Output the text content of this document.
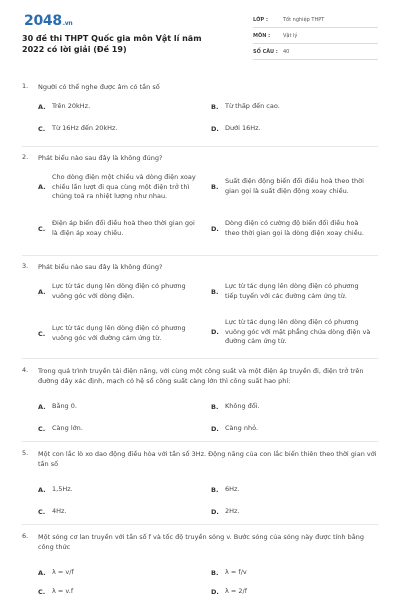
2048.vn
30 đề thi THPT Quốc gia môn Vật lí năm 2022 có lời giải (Đề 19)
LỚP :	Tốt nghiệp THPT
MÔN :	Vật lý
SỐ CÂU : 40
1. Người có thể nghe được âm có tần số
A. Trên 20kHz.	B.	Từ thấp đến cao.
C.	Từ 16Hz đến 20kHz.	D. Dưới 16Hz.
2. Phát biểu nào sau đây là không đúng?
A.
Cho dòng điện một chiều và dòng điện xoay chiều lần lượt đi qua cùng một điện trở thì chúng toả ra nhiệt lượng như nhau.
B.
Suất điện động biến đổi điều hoà theo thời gian gọi là suất điện động xoay chiều.
C.
Điện áp biến đổi điều hoà theo thời gian gọi là điện áp xoay chiều.	D.
Dòng điện có cường độ biến đổi điều hoà theo thời gian gọi là dòng điện xoay chiều.
3. Phát biểu nào sau đây là không đúng?
A.
Lực từ tác dụng lên dòng điện có phương vuông góc với dòng điện.	B.
Lực từ tác dụng lên dòng điện có phương tiếp tuyến với các đường cảm ứng từ.
C.
Lực từ tác dụng lên dòng điện có phương vuông góc với đường cảm ứng từ.
D.
Lực từ tác dụng lên dòng điện có phương vuông góc với mặt phẳng chứa dòng điện và đường cảm ứng từ.
4. Trong quá trình truyền tải điện năng, với cùng một công suất và một điện áp truyền đi, điện trở trên đường dây xác định, mạch có hệ số công suất càng lớn thì công suất hao phí:
A. Bằng 0.	B.	Không đổi.
C.	Càng lớn.	D. Càng nhỏ.
5. Một con lắc lò xo dao động điều hòa với tần số 3Hz. Động năng của con lắc biến thiên theo thời gian với tần số
A. 1,5Hz.	B.	6Hz.
C.	4Hz.	D. 2Hz.
6. Một sóng cơ lan truyền với tần số f và tốc độ truyền sóng v. Bước sóng của sóng này được tính bằng công thức
A. λ = v/f	B.	λ = f/v
C.	λ = v.f	D. λ = 2/f
